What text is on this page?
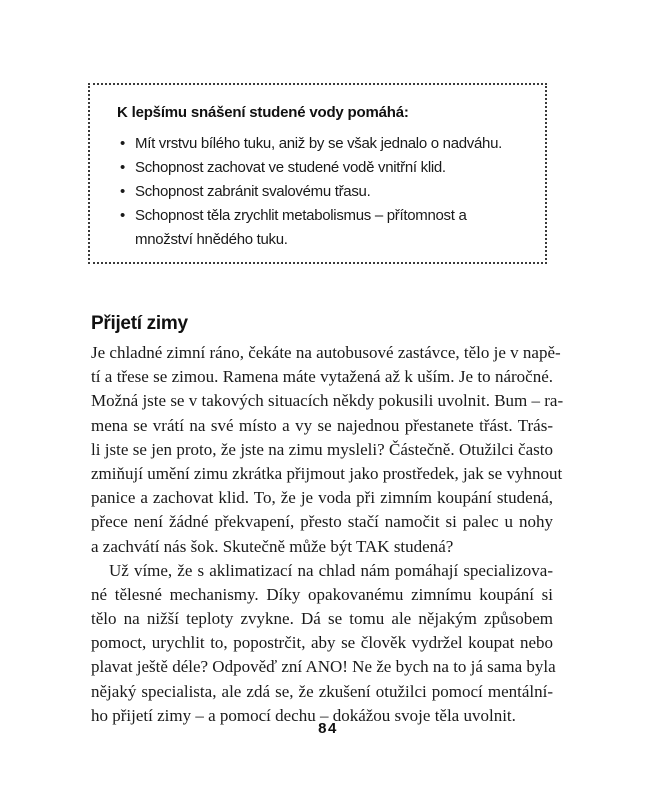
K lepšímu snášení studené vody pomáhá:
• Mít vrstvu bílého tuku, aniž by se však jednalo o nadváhu.
• Schopnost zachovat ve studené vodě vnitřní klid.
• Schopnost zabránit svalovému třasu.
• Schopnost těla zrychlit metabolismus – přítomnost a množství hnědého tuku.
Přijetí zimy
Je chladné zimní ráno, čekáte na autobusové zastávce, tělo je v napě-
tí a třese se zimou. Ramena máte vytažená až k uším. Je to náročné.
Možná jste se v takových situacích někdy pokusili uvolnit. Bum – ra-
mena se vrátí na své místo a vy se najednou přestanete třást. Trás-
li jste se jen proto, že jste na zimu mysleli? Částečně. Otužilci často
zmiňují umění zimu zkrátka přijmout jako prostředek, jak se vyhnout
panice a zachovat klid. To, že je voda při zimním koupání studená,
přece není žádné překvapení, přesto stačí namočit si palec u nohy
a zachvátí nás šok. Skutečně může být TAK studená?
Už víme, že s aklimatizací na chlad nám pomáhají specializova-
né tělesné mechanismy. Díky opakovanému zimnímu koupání si
tělo na nižší teploty zvykne. Dá se tomu ale nějakým způsobem
pomoct, urychlit to, popostrčit, aby se člověk vydržel koupat nebo
plavat ještě déle? Odpověď zní ANO! Ne že bych na to já sama byla
nějaký specialista, ale zdá se, že zkušení otužilci pomocí mentální-
ho přijetí zimy – a pomocí dechu – dokážou svoje těla uvolnit.
84
